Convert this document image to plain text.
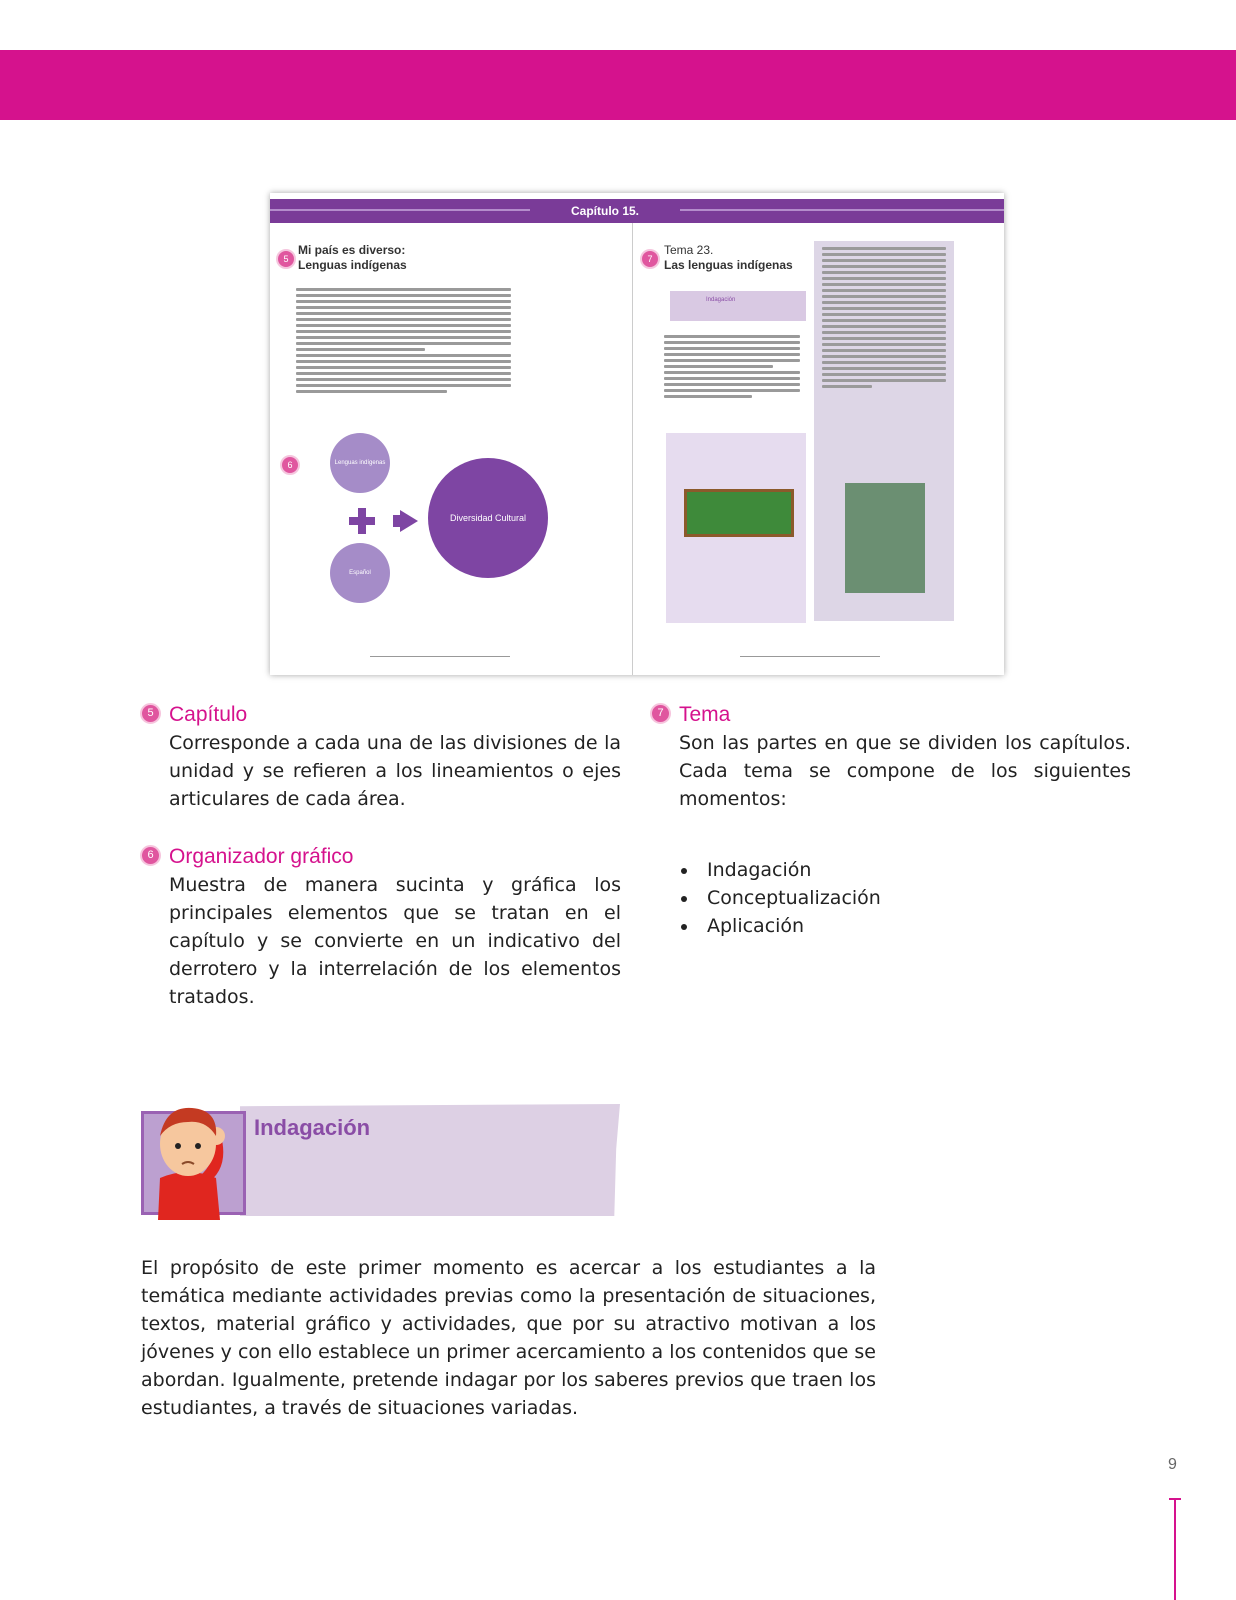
Capítulo 15.
5
Mi país es diverso:
Lenguas indígenas
6	Lenguas indígenas
Español
Diversidad Cultural
7
Tema 23.
Las lenguas indígenas
Indagación
5 Capítulo

Corresponde a cada una de las divisiones de la unidad y se refieren a los lineamientos o ejes articulares de cada área.

6 Organizador gráfico

Muestra de manera sucinta y gráfica los principales elementos que se tratan en el capítulo y se convierte en un indicativo del derrotero y la interrelación de los elementos tratados.

7 Tema

Son las partes en que se dividen los capítulos. Cada tema se compone de los siguientes momentos:

• Indagación
• Conceptualización
• Aplicación
Indagación

El propósito de este primer momento es acercar a los estudiantes a la temática mediante actividades previas como la presentación de situaciones, textos, material gráfico y actividades, que por su atractivo motivan a los jóvenes y con ello establece un primer acercamiento a los contenidos que se abordan. Igualmente, pretende indagar por los saberes previos que traen los estudiantes, a través de situaciones variadas.

9
